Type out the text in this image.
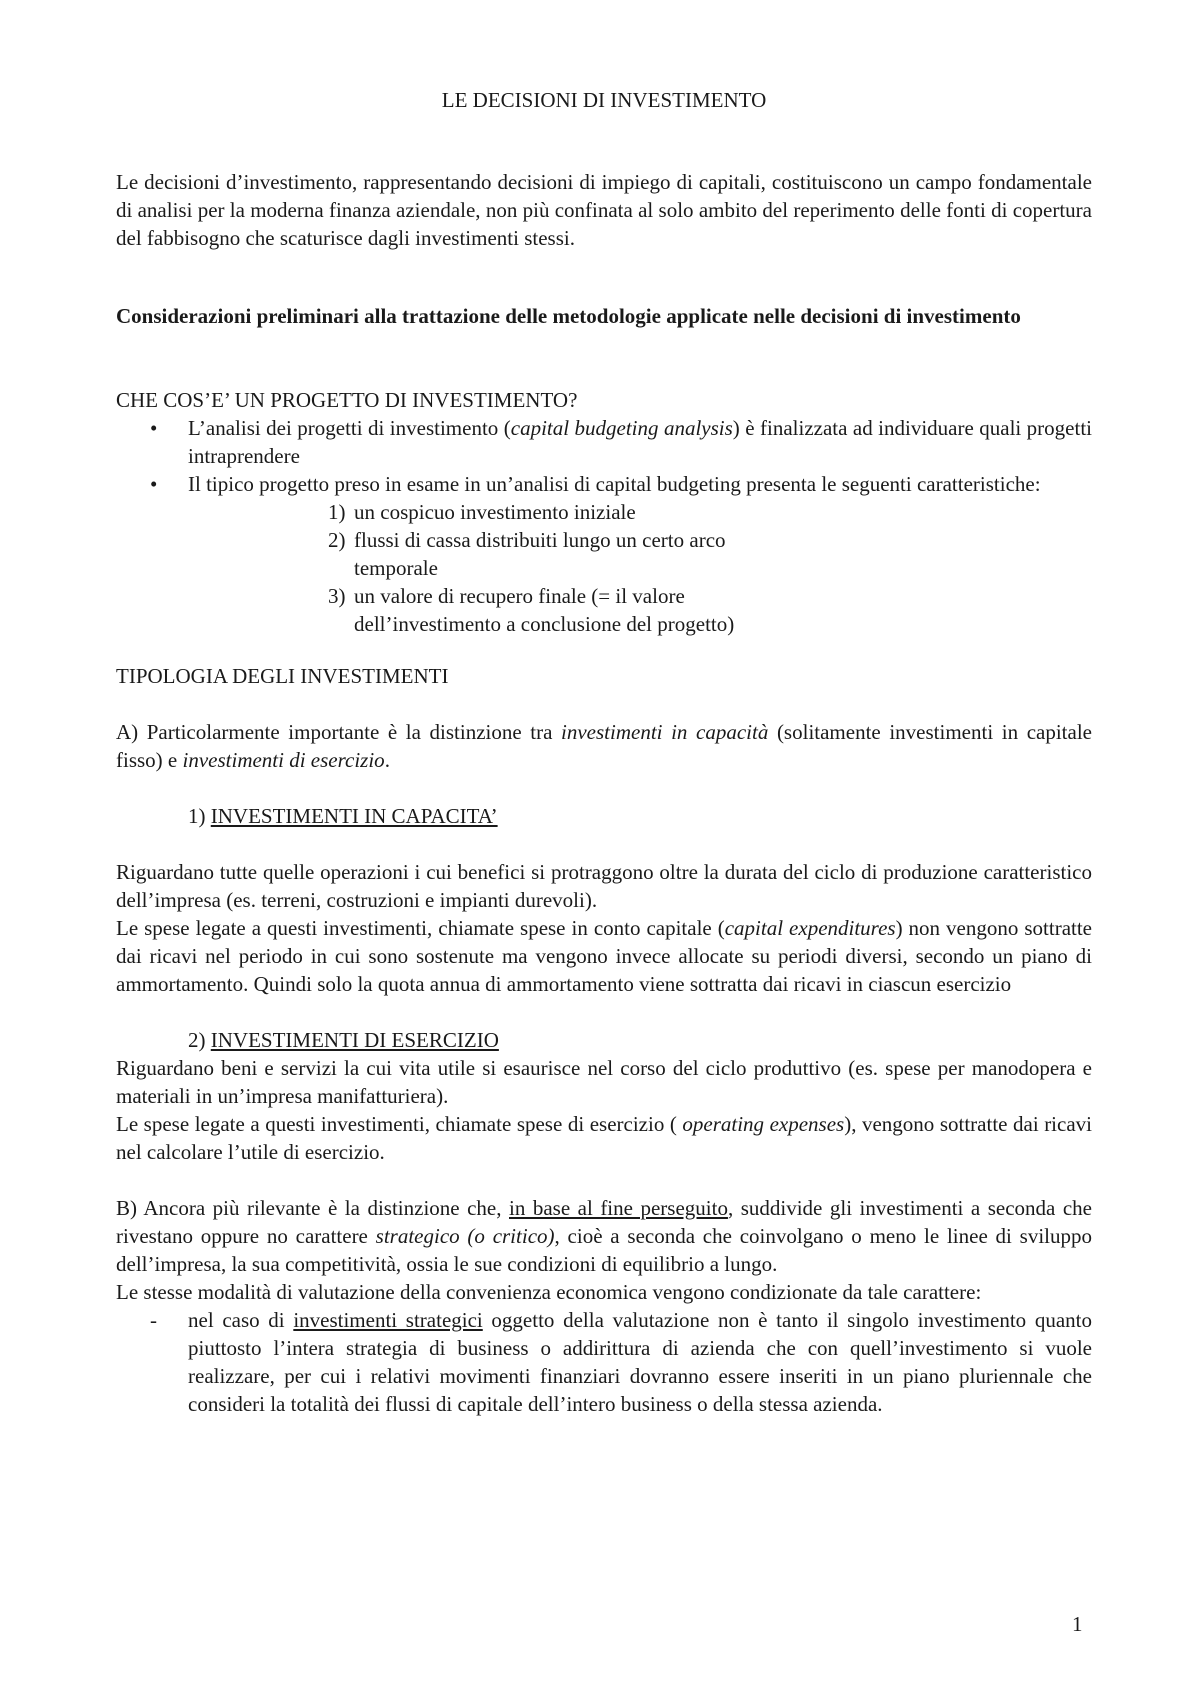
LE DECISIONI DI INVESTIMENTO

Le decisioni d’investimento, rappresentando decisioni di impiego di capitali, costituiscono un campo fondamentale di analisi per la moderna finanza aziendale, non più confinata al solo ambito del reperimento delle fonti di copertura del fabbisogno che scaturisce dagli investimenti stessi.

Considerazioni preliminari alla trattazione delle metodologie applicate nelle decisioni di investimento

CHE COS’E’ UN PROGETTO DI INVESTIMENTO?

• L’analisi dei progetti di investimento (capital budgeting analysis) è finalizzata ad individuare quali progetti intraprendere
• Il tipico progetto preso in esame in un’analisi di capital budgeting presenta le seguenti caratteristiche:
1) un cospicuo investimento iniziale
2) flussi di cassa distribuiti lungo un certo arco temporale
3) un valore di recupero finale (= il valore dell’investimento a conclusione del progetto)

TIPOLOGIA DEGLI INVESTIMENTI

A) Particolarmente importante è la distinzione tra investimenti in capacità (solitamente investimenti in capitale fisso) e investimenti di esercizio.

1) INVESTIMENTI IN CAPACITA’

Riguardano tutte quelle operazioni i cui benefici si protraggono oltre la durata del ciclo di produzione caratteristico dell’impresa (es. terreni, costruzioni e impianti durevoli).

Le spese legate a questi investimenti, chiamate spese in conto capitale (capital expenditures) non vengono sottratte dai ricavi nel periodo in cui sono sostenute ma vengono invece allocate su periodi diversi, secondo un piano di ammortamento. Quindi solo la quota annua di ammortamento viene sottratta dai ricavi in ciascun esercizio

2) INVESTIMENTI DI ESERCIZIO

Riguardano beni e servizi la cui vita utile si esaurisce nel corso del ciclo produttivo (es. spese per manodopera e materiali in un’impresa manifatturiera).

Le spese legate a questi investimenti, chiamate spese di esercizio ( operating expenses), vengono sottratte dai ricavi nel calcolare l’utile di esercizio.

B) Ancora più rilevante è la distinzione che, in base al fine perseguito, suddivide gli investimenti a seconda che rivestano oppure no carattere strategico (o critico), cioè a seconda che coinvolgano o meno le linee di sviluppo dell’impresa, la sua competitività, ossia le sue condizioni di equilibrio a lungo.

Le stesse modalità di valutazione della convenienza economica vengono condizionate da tale carattere:

- nel caso di investimenti strategici oggetto della valutazione non è tanto il singolo investimento quanto piuttosto l’intera strategia di business o addirittura di azienda che con quell’investimento si vuole realizzare, per cui i relativi movimenti finanziari dovranno essere inseriti in un piano pluriennale che consideri la totalità dei flussi di capitale dell’intero business o della stessa azienda.
1
